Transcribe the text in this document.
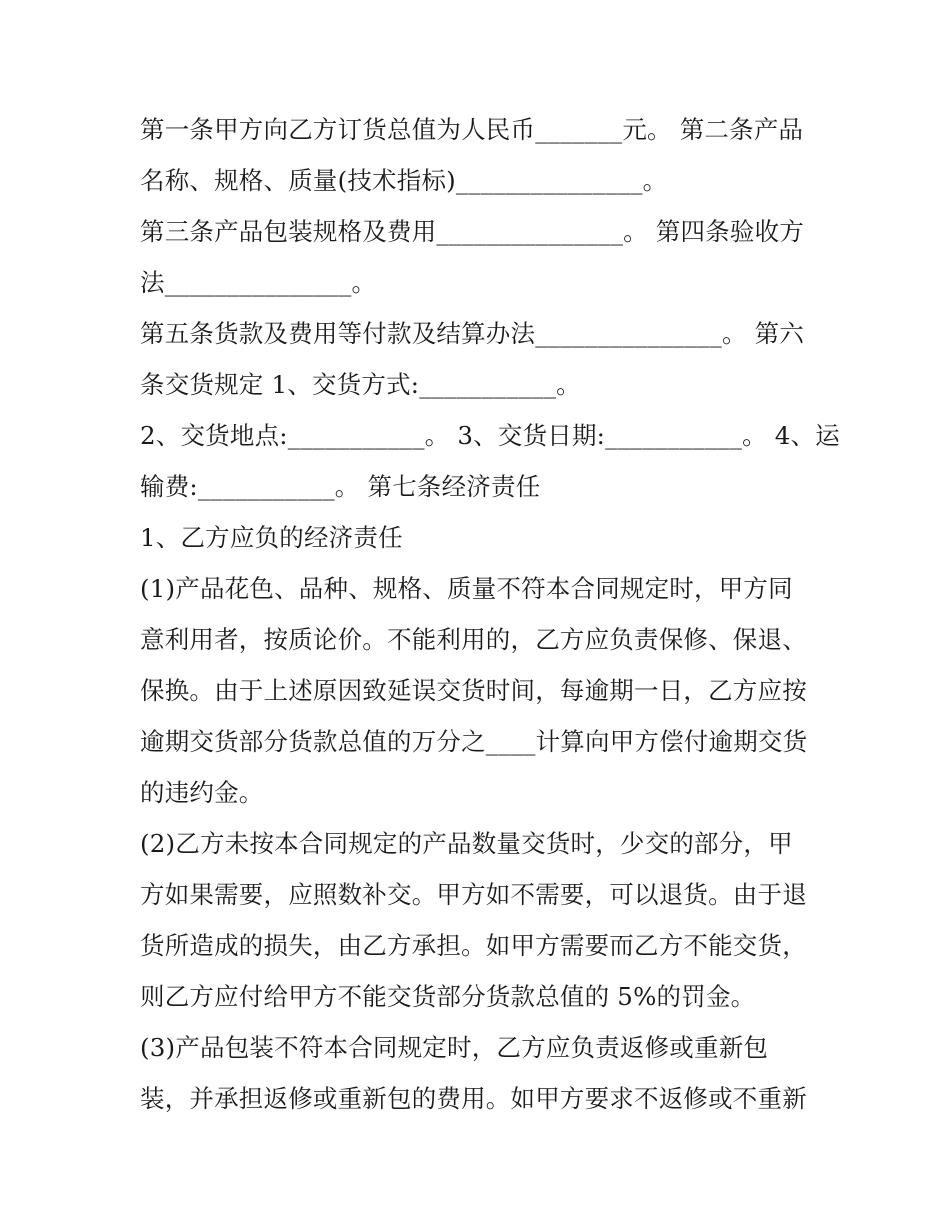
第一条甲方向乙方订货总值为人民币_______元。 第二条产品
名称、规格、质量(技术指标)_______________。
第三条产品包装规格及费用_______________。 第四条验收方
法_______________。
第五条货款及费用等付款及结算办法_______________。 第六
条交货规定 1、交货方式:___________。
2、交货地点:___________。 3、交货日期:___________。 4、运
输费:___________。 第七条经济责任
1、乙方应负的经济责任
(1)产品花色、品种、规格、质量不符本合同规定时，甲方同
意利用者，按质论价。不能利用的，乙方应负责保修、保退、
保换。由于上述原因致延误交货时间，每逾期一日，乙方应按
逾期交货部分货款总值的万分之____计算向甲方偿付逾期交货
的违约金。
(2)乙方未按本合同规定的产品数量交货时，少交的部分，甲
方如果需要，应照数补交。甲方如不需要，可以退货。由于退
货所造成的损失，由乙方承担。如甲方需要而乙方不能交货，
则乙方应付给甲方不能交货部分货款总值的 5%的罚金。
(3)产品包装不符本合同规定时，乙方应负责返修或重新包
装，并承担返修或重新包的费用。如甲方要求不返修或不重新
